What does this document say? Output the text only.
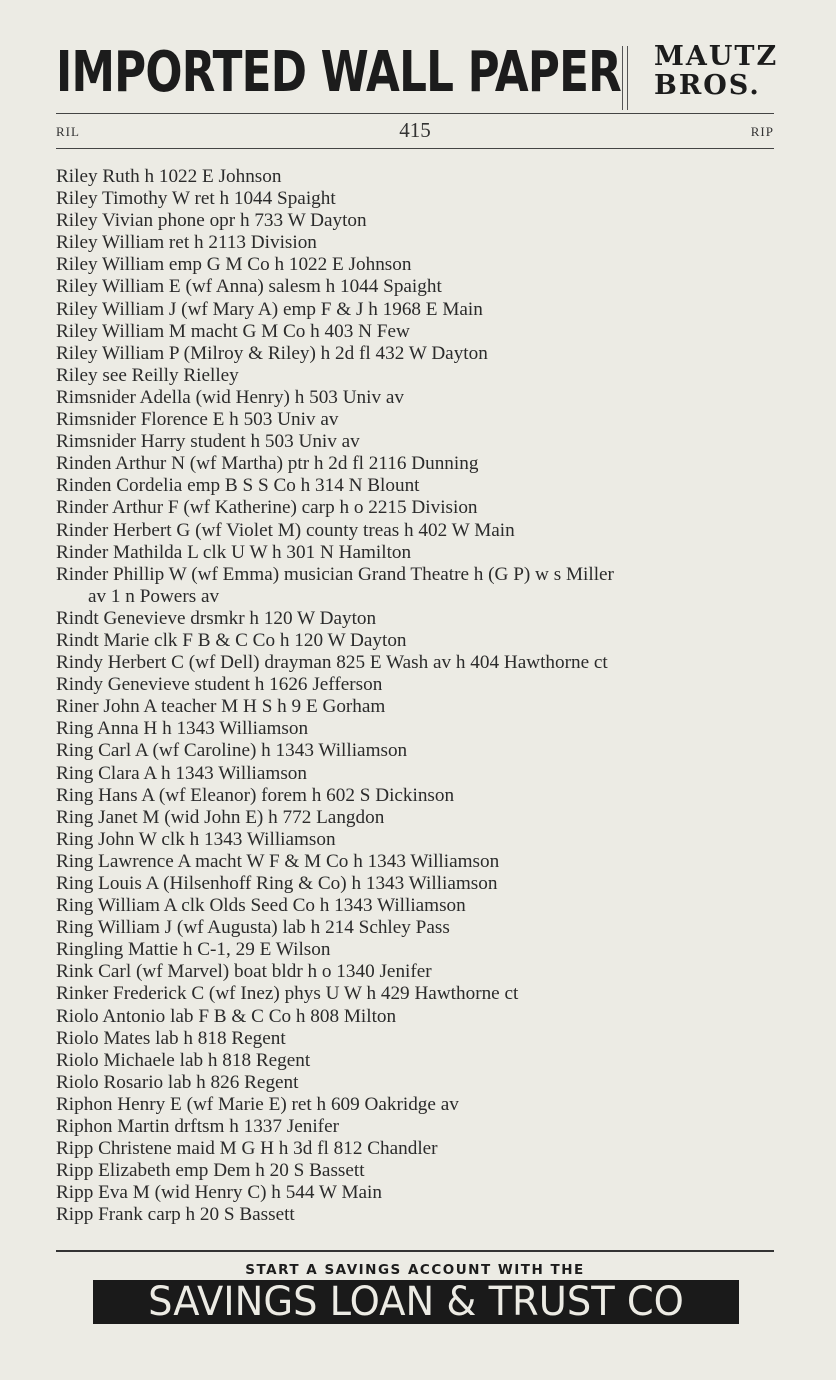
IMPORTED WALL PAPER MAUTZ
BROS.
RIL	415	RIP
Riley Ruth h 1022 E Johnson
Riley Timothy W ret h 1044 Spaight
Riley Vivian phone opr h 733 W Dayton
Riley William ret h 2113 Division
Riley William emp G M Co h 1022 E Johnson
Riley William E (wf Anna) salesm h 1044 Spaight
Riley William J (wf Mary A) emp F & J h 1968 E Main
Riley William M macht G M Co h 403 N Few
Riley William P (Milroy & Riley) h 2d fl 432 W Dayton
Riley see Reilly Rielley
Rimsnider Adella (wid Henry) h 503 Univ av
Rimsnider Florence E h 503 Univ av
Rimsnider Harry student h 503 Univ av
Rinden Arthur N (wf Martha) ptr h 2d fl 2116 Dunning
Rinden Cordelia emp B S S Co h 314 N Blount
Rinder Arthur F (wf Katherine) carp h o 2215 Division
Rinder Herbert G (wf Violet M) county treas h 402 W Main
Rinder Mathilda L clk U W h 301 N Hamilton
Rinder Phillip W (wf Emma) musician Grand Theatre h (G P) w s Miller
av 1 n Powers av
Rindt Genevieve drsmkr h 120 W Dayton
Rindt Marie clk F B & C Co h 120 W Dayton
Rindy Herbert C (wf Dell) drayman 825 E Wash av h 404 Hawthorne ct
Rindy Genevieve student h 1626 Jefferson
Riner John A teacher M H S h 9 E Gorham
Ring Anna H h 1343 Williamson
Ring Carl A (wf Caroline) h 1343 Williamson
Ring Clara A h 1343 Williamson
Ring Hans A (wf Eleanor) forem h 602 S Dickinson
Ring Janet M (wid John E) h 772 Langdon
Ring John W clk h 1343 Williamson
Ring Lawrence A macht W F & M Co h 1343 Williamson
Ring Louis A (Hilsenhoff Ring & Co) h 1343 Williamson
Ring William A clk Olds Seed Co h 1343 Williamson
Ring William J (wf Augusta) lab h 214 Schley Pass
Ringling Mattie h C-1, 29 E Wilson
Rink Carl (wf Marvel) boat bldr h o 1340 Jenifer
Rinker Frederick C (wf Inez) phys U W h 429 Hawthorne ct
Riolo Antonio lab F B & C Co h 808 Milton
Riolo Mates lab h 818 Regent
Riolo Michaele lab h 818 Regent
Riolo Rosario lab h 826 Regent
Riphon Henry E (wf Marie E) ret h 609 Oakridge av
Riphon Martin drftsm h 1337 Jenifer
Ripp Christene maid M G H h 3d fl 812 Chandler
Ripp Elizabeth emp Dem h 20 S Bassett
Ripp Eva M (wid Henry C) h 544 W Main
Ripp Frank carp h 20 S Bassett
START A SAVINGS ACCOUNT WITH THE
SAVINGS LOAN & TRUST CO
